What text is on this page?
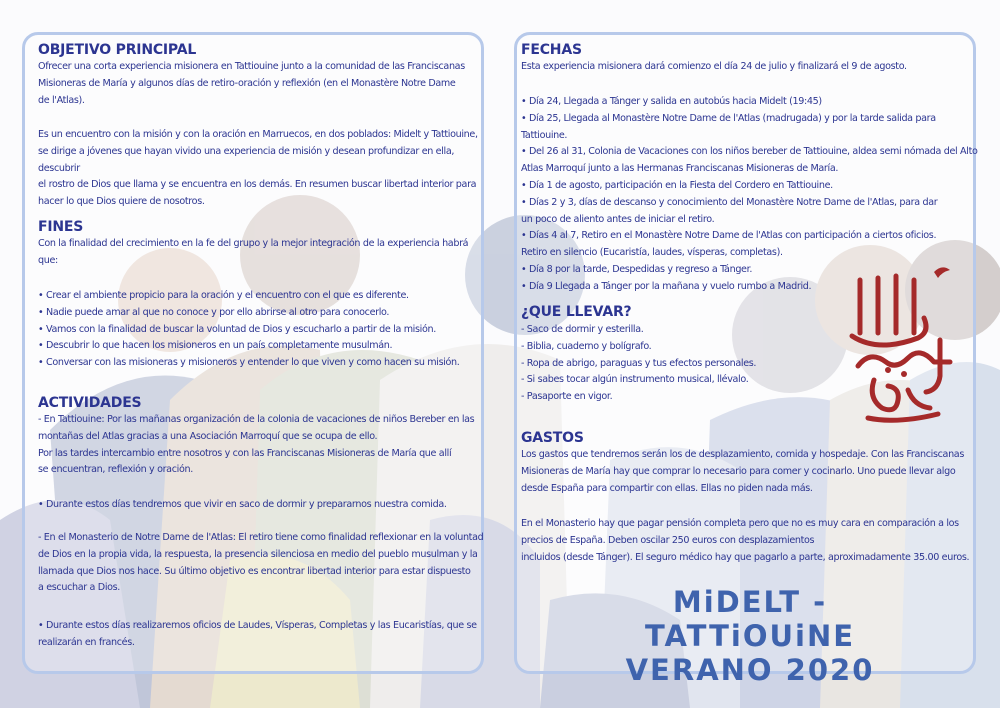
OBJETIVO PRINCIPAL

Ofrecer una corta experiencia misionera en Tattiouine junto a la comunidad de las Franciscanas
Misioneras de María y algunos días de retiro-oración y reflexión (en el Monastère Notre Dame
de l'Atlas).

Es un encuentro con la misión y con la oración en Marruecos, en dos poblados: Midelt y Tattiouine,
se dirige a jóvenes que hayan vivido una experiencia de misión y desean profundizar en ella, descubrir
el rostro de Dios que llama y se encuentra en los demás. En resumen buscar libertad interior para
hacer lo que Dios quiere de nosotros.

FINES

Con la finalidad del crecimiento en la fe del grupo y la mejor integración de la experiencia habrá
que:

• Crear el ambiente propicio para la oración y el encuentro con el que es diferente.
• Nadie puede amar al que no conoce y por ello abrirse al otro para conocerlo.
• Vamos con la finalidad de buscar la voluntad de Dios y escucharlo a partir de la misión.
• Descubrir lo que hacen los misioneros en un país completamente musulmán.
• Conversar con las misioneras y misioneros y entender lo que viven y como hacen su misión.
ACTIVIDADES

- En Tattiouine: Por las mañanas organización de la colonia de vacaciones de niños Bereber en las
montañas del Atlas gracias a una Asociación Marroquí que se ocupa de ello.
Por las tardes intercambio entre nosotros y con las Franciscanas Misioneras de María que allí
se encuentran, reflexión y oración.

• Durante estos días tendremos que vivir en saco de dormir y prepararnos nuestra comida.

- En el Monasterio de Notre Dame de l'Atlas: El retiro tiene como finalidad reflexionar en la voluntad
de Dios en la propia vida, la respuesta, la presencia silenciosa en medio del pueblo musulman y la
llamada que Dios nos hace. Su último objetivo es encontrar libertad interior para estar dispuesto
a escuchar a Dios.

• Durante estos días realizaremos oficios de Laudes, Vísperas, Completas y las Eucaristías, que se
realizarán en francés.

FECHAS

Esta experiencia misionera dará comienzo el día 24 de julio y finalizará el 9 de agosto.

• Día 24, Llegada a Tánger y salida en autobús hacia Midelt (19:45)
• Día 25, Llegada al Monastère Notre Dame de l'Atlas (madrugada) y por la tarde salida para Tattiouine.
• Del 26 al 31, Colonia de Vacaciones con los niños bereber de Tattiouine, aldea semi nómada del Alto
Atlas Marroquí junto a las Hermanas Franciscanas Misioneras de María.
• Día 1 de agosto, participación en la Fiesta del Cordero en Tattiouine.
• Días 2 y 3, días de descanso y conocimiento del Monastère Notre Dame de l'Atlas, para dar
un poco de aliento antes de iniciar el retiro.
• Días 4 al 7, Retiro en el Monastère Notre Dame de l'Atlas con participación a ciertos oficios.
Retiro en silencio (Eucaristía, laudes, vísperas, completas).
• Día 8 por la tarde, Despedidas y regreso a Tánger.
• Día 9 Llegada a Tánger por la mañana y vuelo rumbo a Madrid.
¿QUE LLEVAR?
- Saco de dormir y esterilla.
- Biblia, cuaderno y bolígrafo.
- Ropa de abrigo, paraguas y tus efectos personales.
- Si sabes tocar algún instrumento musical, llévalo.
- Pasaporte en vigor.
GASTOS

Los gastos que tendremos serán los de desplazamiento, comida y hospedaje. Con las Franciscanas
Misioneras de María hay que comprar lo necesario para comer y cocinarlo. Uno puede llevar algo
desde España para compartir con ellas. Ellas no piden nada más.

En el Monasterio hay que pagar pensión completa pero que no es muy cara en comparación a los
precios de España. Deben oscilar 250 euros con desplazamientos
incluidos (desde Tánger). El seguro médico hay que pagarlo a parte, aproximadamente 35.00 euros.

MiDELT - TATTiOUiNE
VERANO 2020
